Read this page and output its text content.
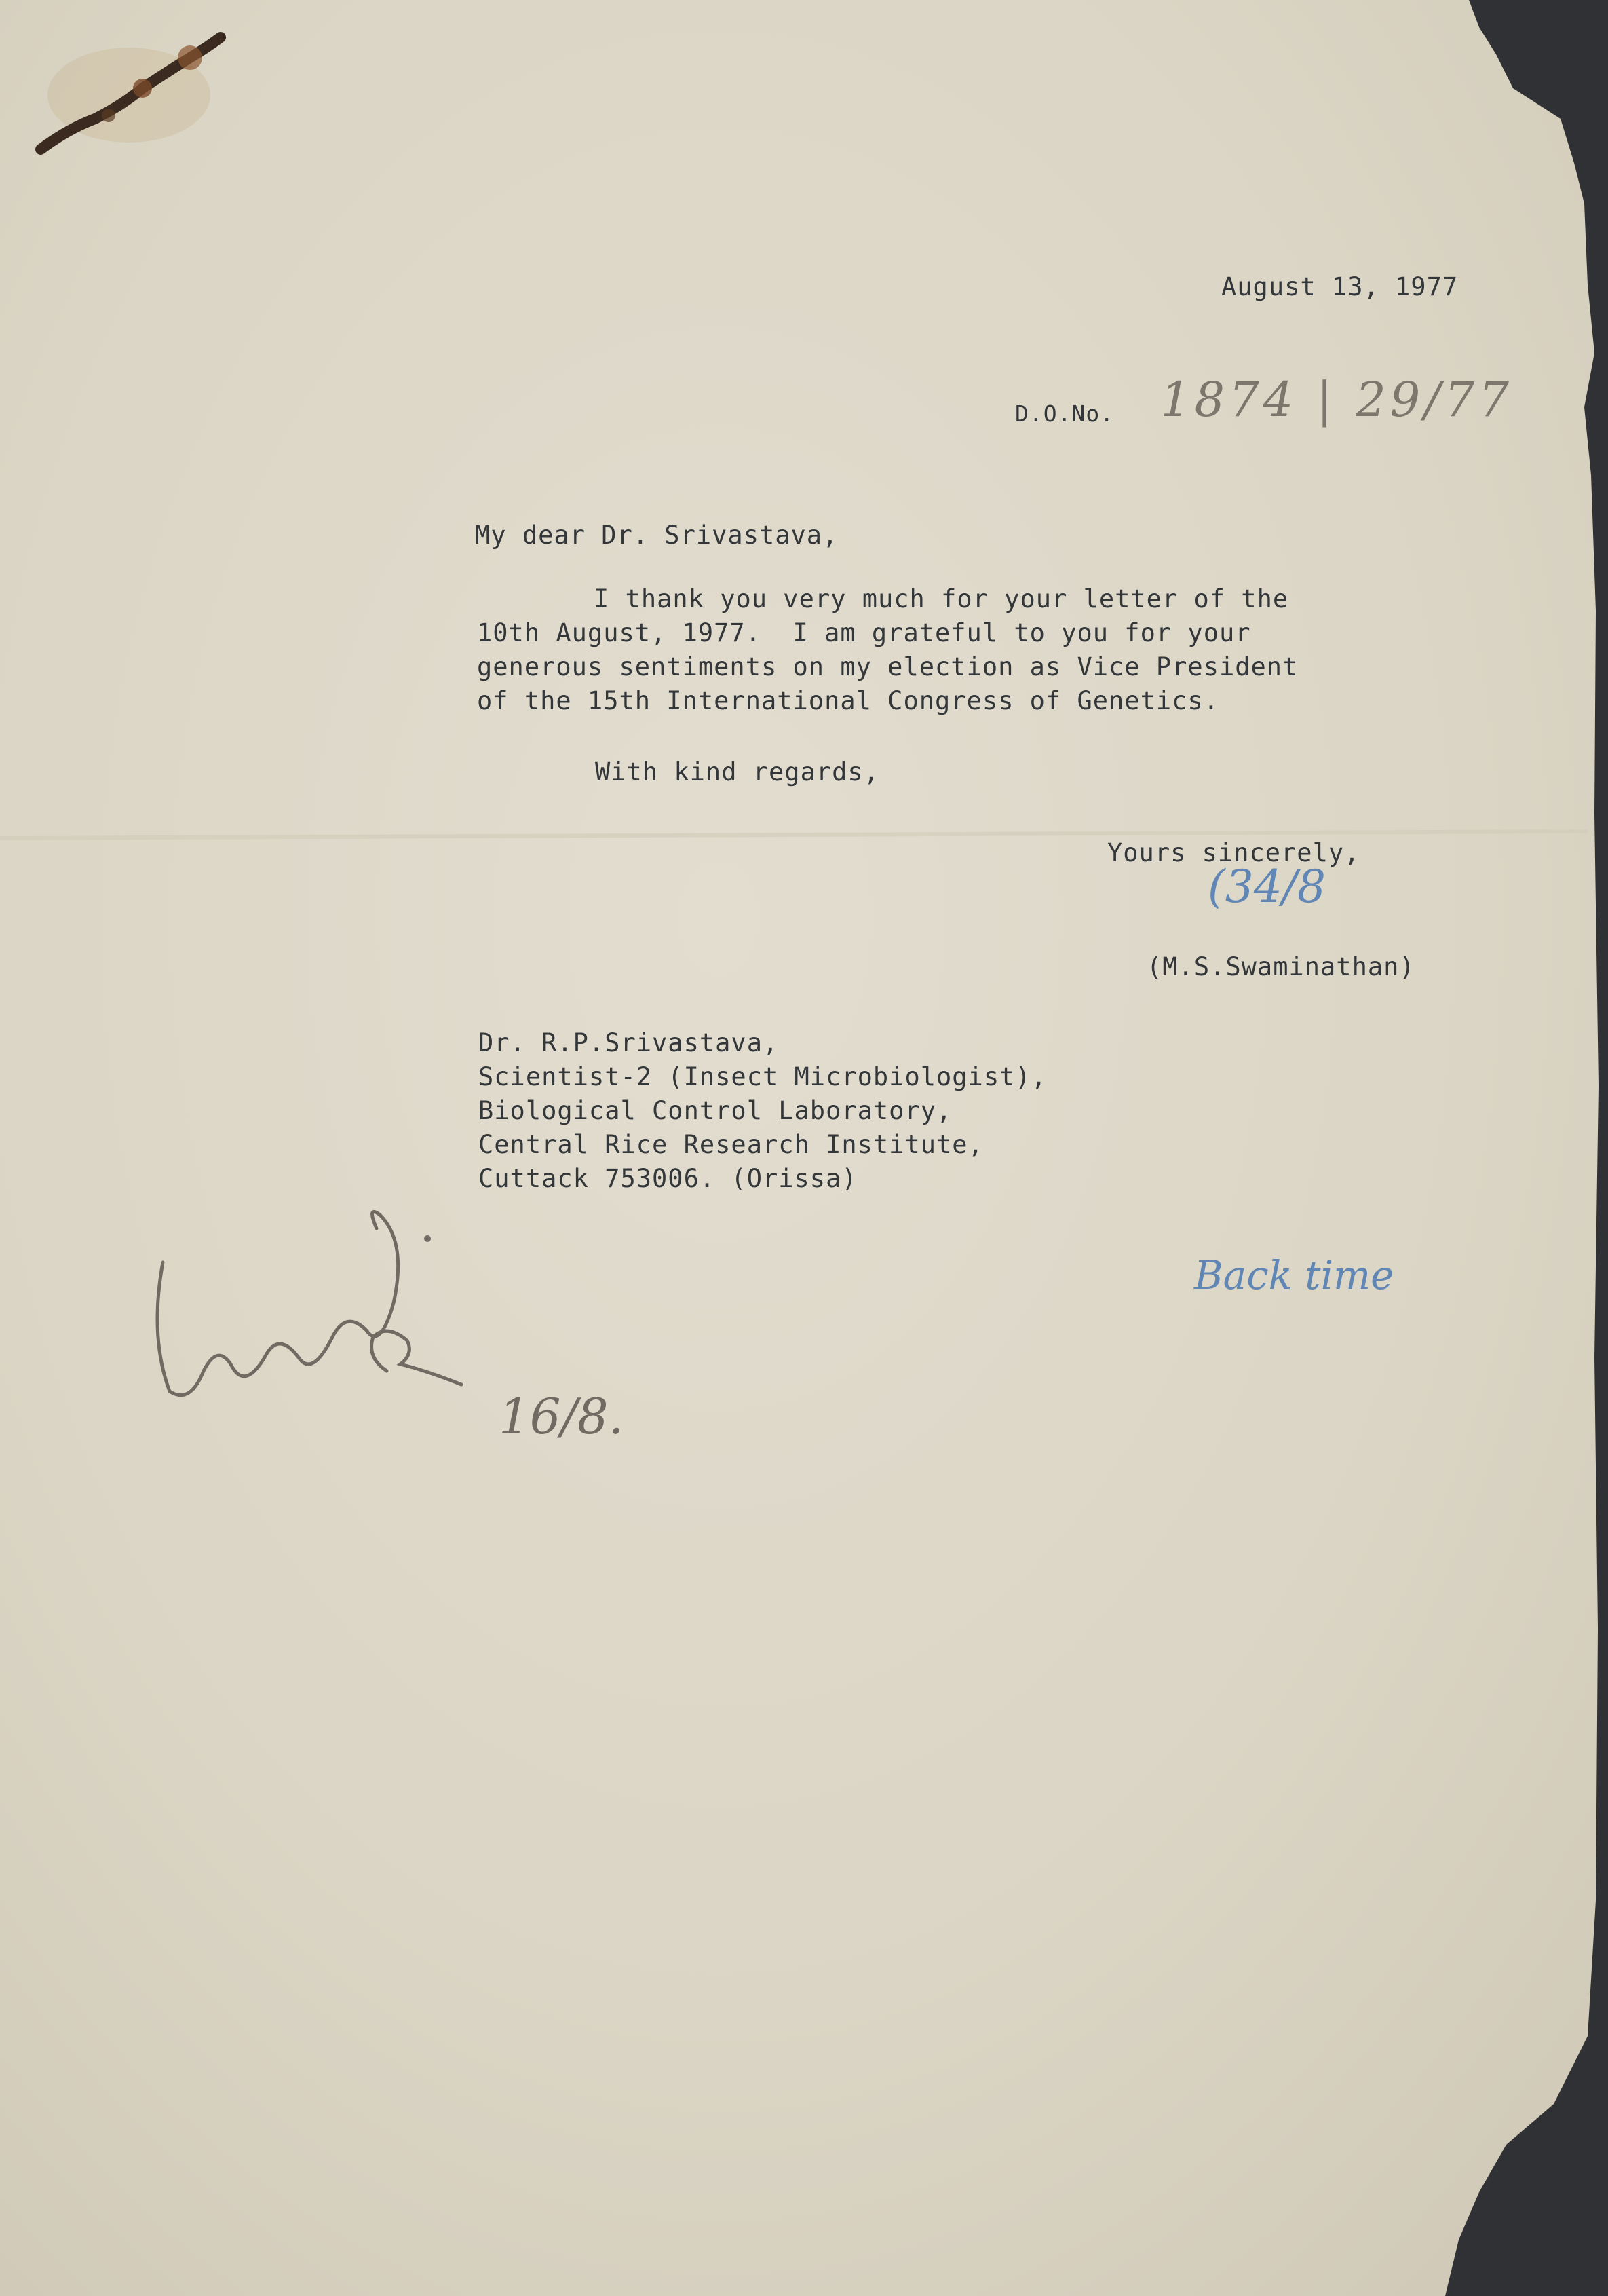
August 13, 1977
D.O.No. 1874 | 29/77
My dear Dr. Srivastava,
I thank you very much for your letter of the
10th August, 1977.  I am grateful to you for your
generous sentiments on my election as Vice President
of the 15th International Congress of Genetics.
With kind regards,
Yours sincerely,
(34/8
(M.S.Swaminathan)
Dr. R.P.Srivastava,
Scientist-2 (Insect Microbiologist),
Biological Control Laboratory,
Central Rice Research Institute,
Cuttack 753006. (Orissa)
16/8.
Back time
